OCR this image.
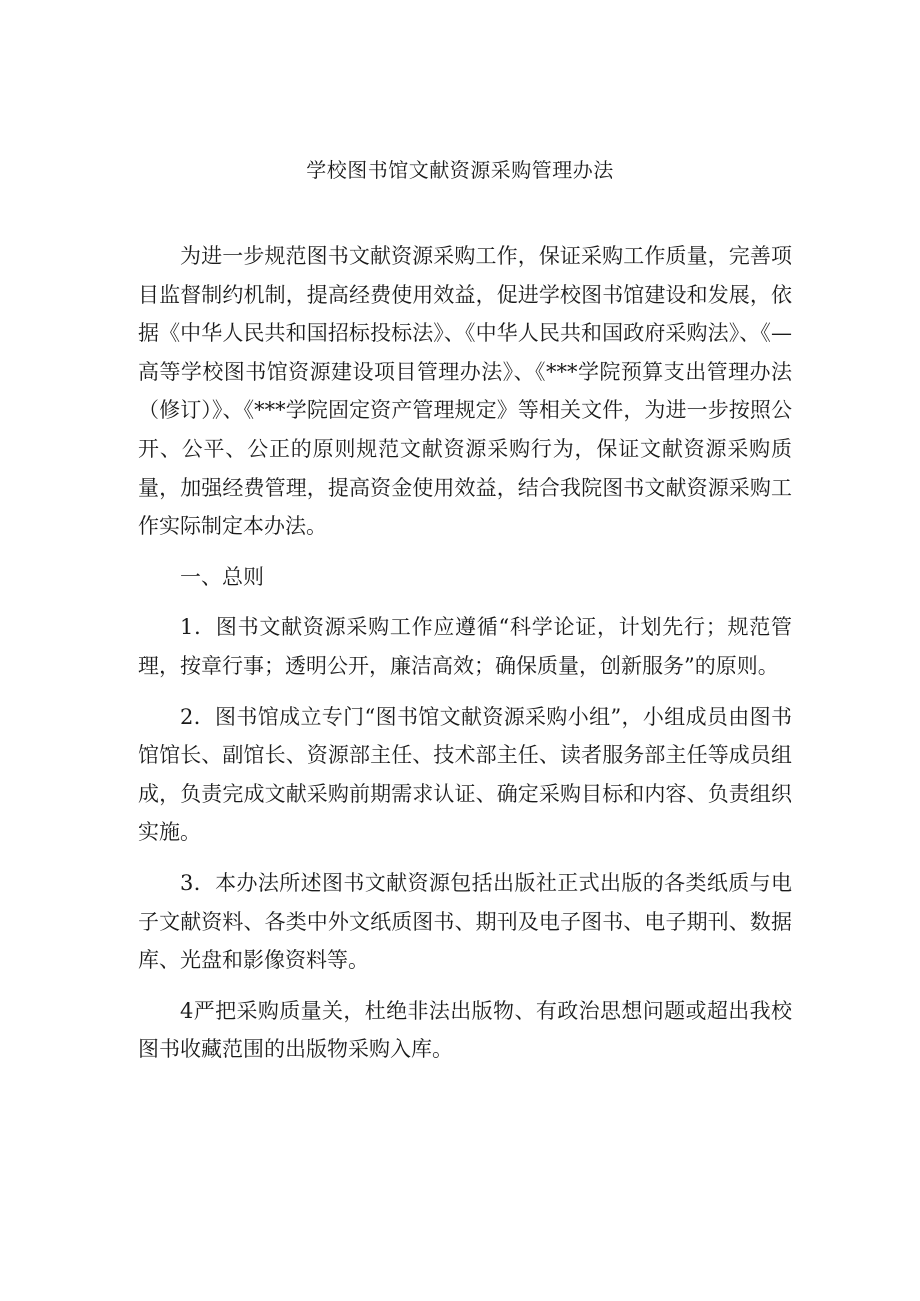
学校图书馆文献资源采购管理办法

为进一步规范图书文献资源采购工作，保证采购工作质量，完善项目监督制约机制，提高经费使用效益，促进学校图书馆建设和发展，依据《中华人民共和国招标投标法》、《中华人民共和国政府采购法》、《—高等学校图书馆资源建设项目管理办法》、《***学院预算支出管理办法（修订）》、《***学院固定资产管理规定》等相关文件，为进一步按照公开、公平、公正的原则规范文献资源采购行为，保证文献资源采购质量，加强经费管理，提高资金使用效益，结合我院图书文献资源采购工作实际制定本办法。

一、总则

1．图书文献资源采购工作应遵循“科学论证，计划先行；规范管理，按章行事；透明公开，廉洁高效；确保质量，创新服务”的原则。

2．图书馆成立专门“图书馆文献资源采购小组”，小组成员由图书馆馆长、副馆长、资源部主任、技术部主任、读者服务部主任等成员组成，负责完成文献采购前期需求认证、确定采购目标和内容、负责组织实施。

3．本办法所述图书文献资源包括出版社正式出版的各类纸质与电子文献资料、各类中外文纸质图书、期刊及电子图书、电子期刊、数据库、光盘和影像资料等。

4严把采购质量关，杜绝非法出版物、有政治思想问题或超出我校图书收藏范围的出版物采购入库。
